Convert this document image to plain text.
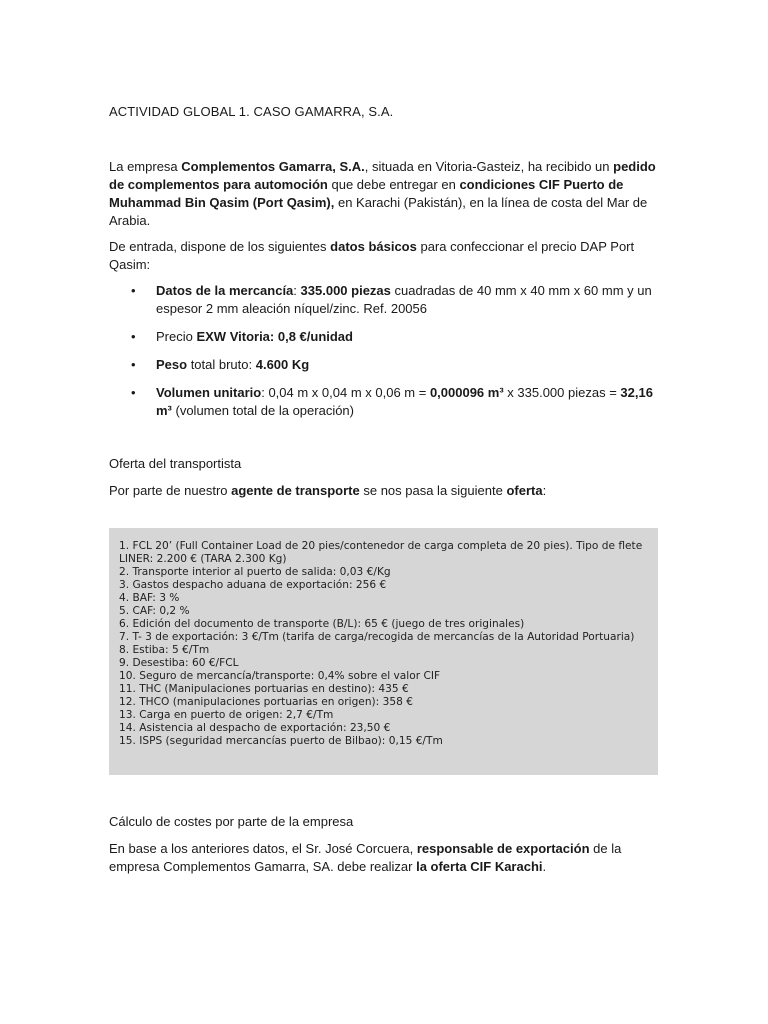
ACTIVIDAD GLOBAL 1. CASO GAMARRA, S.A.

La empresa Complementos Gamarra, S.A., situada en Vitoria-Gasteiz, ha recibido un pedido de complementos para automoción que debe entregar en condiciones CIF Puerto de Muhammad Bin Qasim (Port Qasim), en Karachi (Pakistán), en la línea de costa del Mar de Arabia.

De entrada, dispone de los siguientes datos básicos para confeccionar el precio DAP Port Qasim:

• Datos de la mercancía: 335.000 piezas cuadradas de 40 mm x 40 mm x 60 mm y un espesor 2 mm aleación níquel/zinc. Ref. 20056
• Precio EXW Vitoria: 0,8 €/unidad
• Peso total bruto: 4.600 Kg
• Volumen unitario: 0,04 m x 0,04 m x 0,06 m = 0,000096 m³ x 335.000 piezas = 32,16 m³ (volumen total de la operación)
Oferta del transportista

Por parte de nuestro agente de transporte se nos pasa la siguiente oferta:

1. FCL 20’ (Full Container Load de 20 pies/contenedor de carga completa de 20 pies). Tipo de flete LINER: 2.200 € (TARA 2.300 Kg)
2. Transporte interior al puerto de salida: 0,03 €/Kg
3. Gastos despacho aduana de exportación: 256 €
4. BAF: 3 %
5. CAF: 0,2 %
6. Edición del documento de transporte (B/L): 65 € (juego de tres originales)
7. T- 3 de exportación: 3 €/Tm (tarifa de carga/recogida de mercancías de la Autoridad Portuaria)
8. Estiba: 5 €/Tm
9. Desestiba: 60 €/FCL
10. Seguro de mercancía/transporte: 0,4% sobre el valor CIF
11. THC (Manipulaciones portuarias en destino): 435 €
12. THCO (manipulaciones portuarias en origen): 358 €
13. Carga en puerto de origen: 2,7 €/Tm
14. Asistencia al despacho de exportación: 23,50 €
15. ISPS (seguridad mercancías puerto de Bilbao): 0,15 €/Tm
Cálculo de costes por parte de la empresa

En base a los anteriores datos, el Sr. José Corcuera, responsable de exportación de la empresa Complementos Gamarra, SA. debe realizar la oferta CIF Karachi.
